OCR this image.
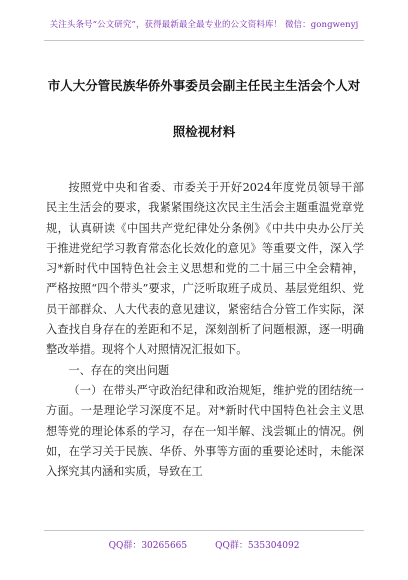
关注头条号“公文研究”，获得最新最全最专业的公文资料库！ 微信：gongwenyj
市人大分管民族华侨外事委员会副主任民主生活会个人对
照检视材料

按照党中央和省委、市委关于开好2024年度党员领导干部民主生活会的要求，我紧紧围绕这次民主生活会主题重温党章党规，认真研读《中国共产党纪律处分条例》《中共中央办公厅关于推进党纪学习教育常态化长效化的意见》等重要文件，深入学习*新时代中国特色社会主义思想和党的二十届三中全会精神，严格按照“四个带头”要求，广泛听取班子成员、基层党组织、党员干部群众、人大代表的意见建议，紧密结合分管工作实际，深入查找自身存在的差距和不足，深刻剖析了问题根源，逐一明确整改举措。现将个人对照情况汇报如下。

一、存在的突出问题

（一）在带头严守政治纪律和政治规矩，维护党的团结统一方面。一是理论学习深度不足。对*新时代中国特色社会主义思想等党的理论体系的学习，存在一知半解、浅尝辄止的情况。例如，在学习关于民族、华侨、外事等方面的重要论述时，未能深入探究其内涵和实质，导致在工

QQ群：30265665	QQ群：535304092
